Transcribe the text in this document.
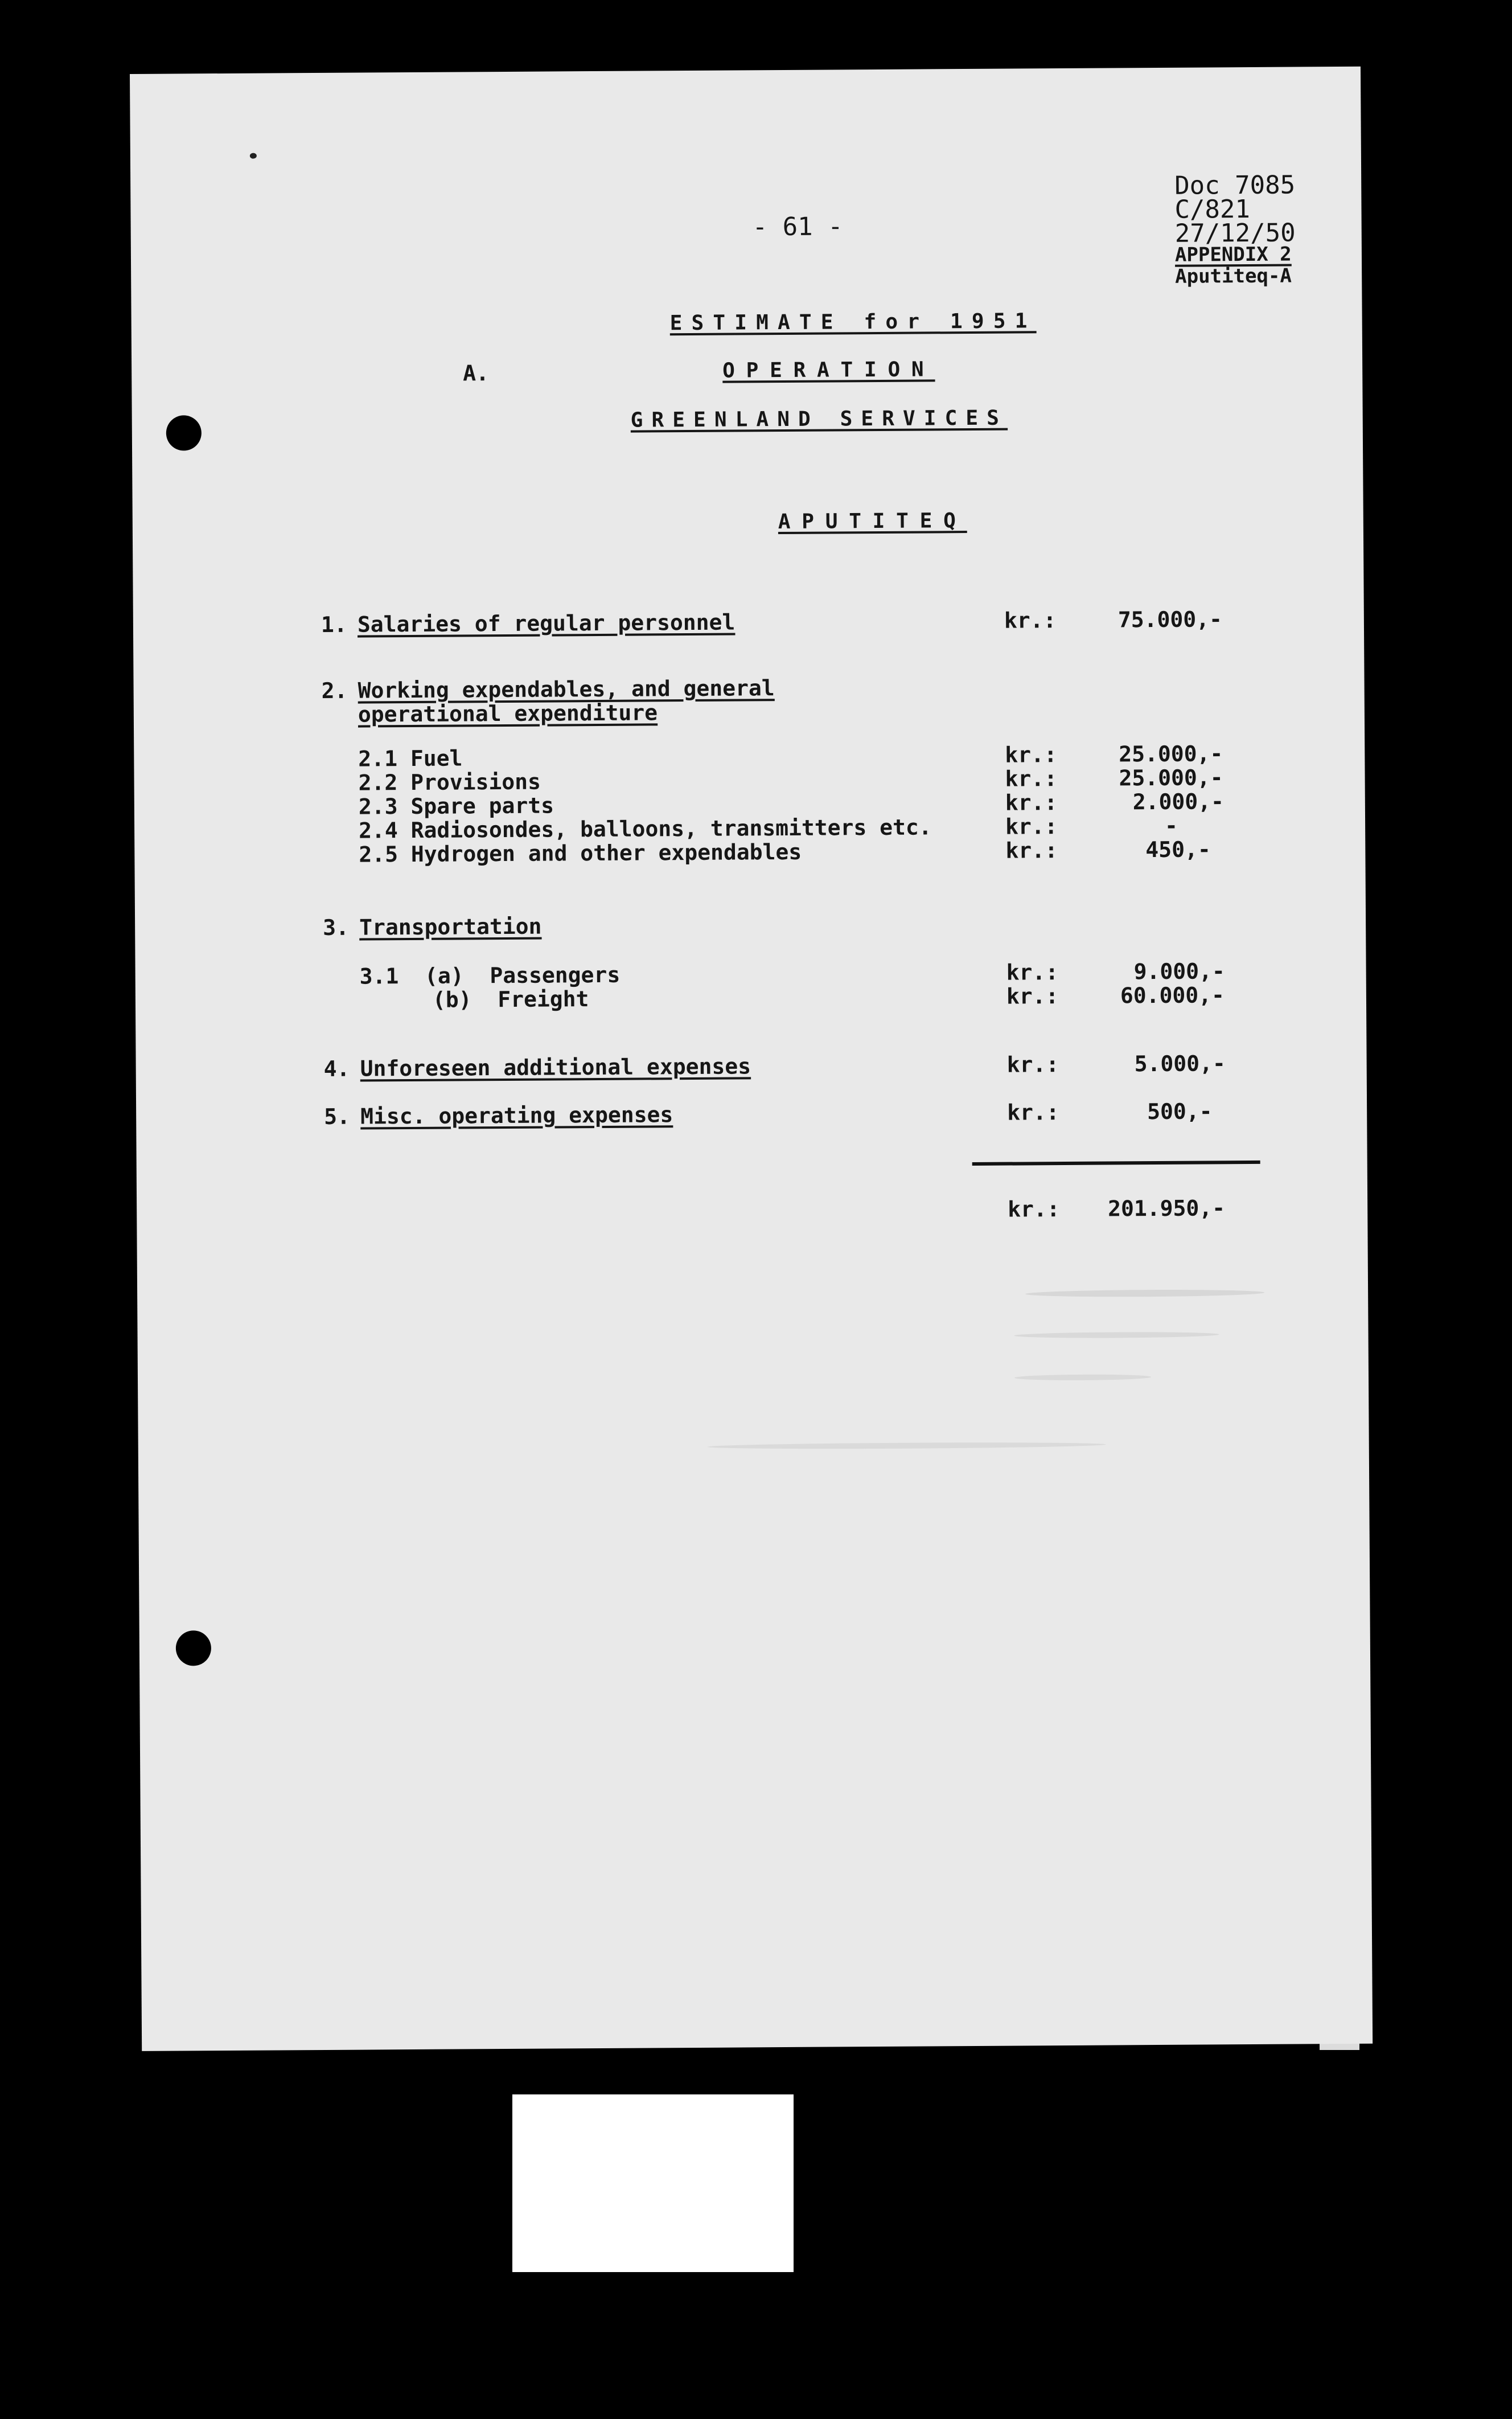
- 61 -
Doc 7085
C/821
27/12/50
APPENDIX 2
Aputiteq-A
ESTIMATE for 1951
A.	OPERATION
GREENLAND SERVICES
APUTITEQ
1. Salaries of regular personnel	kr.:	75.000,-
2. Working expendables, and general
operational expenditure
2.1 Fuel	kr.:	25.000,-
2.2 Provisions	kr.:	25.000,-
2.3 Spare parts	kr.:	2.000,-
2.4 Radiosondes, balloons, transmitters etc.	kr.:	-
2.5 Hydrogen and other expendables	kr.:	450,-
3. Transportation
3.1  (a)  Passengers	kr.:	9.000,-
(b)  Freight	kr.:	60.000,-
4. Unforeseen additional expenses	kr.:	5.000,-
5. Misc. operating expenses	kr.:	500,-
kr.: 201.950,-
